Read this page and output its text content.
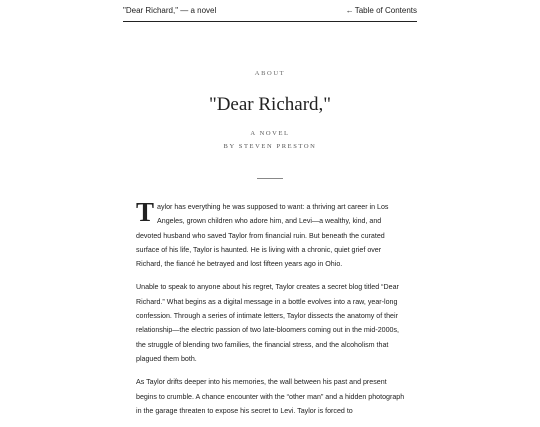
"Dear Richard," — a novel	←Table of Contents
ABOUT
"Dear Richard,"
A NOVEL
BY STEVEN PRESTON

Taylor has everything he was supposed to want: a thriving art career in Los Angeles, grown children who adore him, and Levi—a wealthy, kind, and devoted husband who saved Taylor from financial ruin. But beneath the curated surface of his life, Taylor is haunted. He is living with a chronic, quiet grief over Richard, the fiancé he betrayed and lost fifteen years ago in Ohio.

Unable to speak to anyone about his regret, Taylor creates a secret blog titled “Dear Richard.” What begins as a digital message in a bottle evolves into a raw, year-long confession. Through a series of intimate letters, Taylor dissects the anatomy of their relationship—the electric passion of two late-bloomers coming out in the mid-2000s, the struggle of blending two families, the financial stress, and the alcoholism that plagued them both.

As Taylor drifts deeper into his memories, the wall between his past and present begins to crumble. A chance encounter with the “other man” and a hidden photograph in the garage threaten to expose his secret to Levi. Taylor is forced to
